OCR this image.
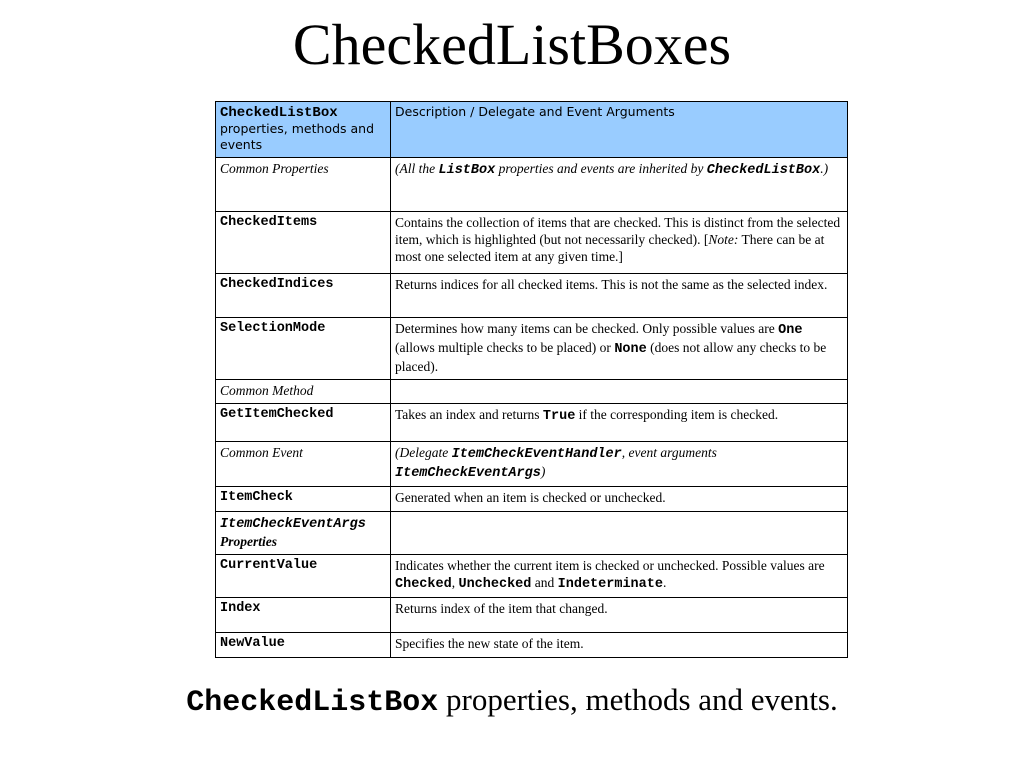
CheckedListBoxes
CheckedListBox
properties, methods and events	Description / Delegate and Event Arguments
Common Properties	(All the ListBox properties and events are inherited by CheckedListBox.)
CheckedItems	Contains the collection of items that are checked. This is distinct from the selected item, which is highlighted (but not necessarily checked). [Note: There can be at most one selected item at any given time.]
CheckedIndices	Returns indices for all checked items. This is not the same as the selected index.
SelectionMode	Determines how many items can be checked. Only possible values are One (allows multiple checks to be placed) or None (does not allow any checks to be placed).
Common Method	
GetItemChecked	Takes an index and returns True if the corresponding item is checked.
Common Event	(Delegate ItemCheckEventHandler, event arguments ItemCheckEventArgs)
ItemCheck	Generated when an item is checked or unchecked.
ItemCheckEventArgs Properties	
CurrentValue	Indicates whether the current item is checked or unchecked. Possible values are Checked, Unchecked and Indeterminate.
Index	Returns index of the item that changed.
NewValue	Specifies the new state of the item.
CheckedListBox properties, methods and events.
